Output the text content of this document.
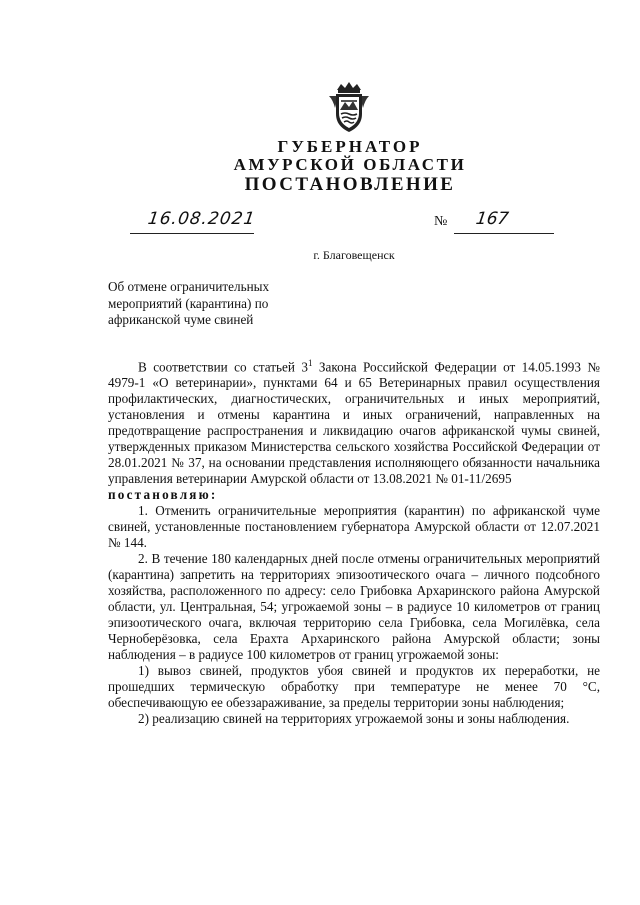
ГУБЕРНАТОР
АМУРСКОЙ ОБЛАСТИ
ПОСТАНОВЛЕНИЕ
16.08.2021	№ 167
г. Благовещенск
Об отмене ограничительных мероприятий (карантина) по африканской чуме свиней

В соответствии со статьей $3^1$ Закона Российской Федерации от 14.05.1993 № 4979-1 «О ветеринарии», пунктами 64 и 65 Ветеринарных правил осуществления профилактических, диагностических, ограничительных и иных мероприятий, установления и отмены карантина и иных ограничений, направленных на предотвращение распространения и ликвидацию очагов африканской чумы свиней, утвержденных приказом Министерства сельского хозяйства Российской Федерации от 28.01.2021 № 37, на основании представления исполняющего обязанности начальника управления ветеринарии Амурской области от 13.08.2021 № 01-11/2695

постановляю:

1. Отменить ограничительные мероприятия (карантин) по африканской чуме свиней, установленные постановлением губернатора Амурской области от 12.07.2021 № 144.

2. В течение 180 календарных дней после отмены ограничительных мероприятий (карантина) запретить на территориях эпизоотического очага – личного подсобного хозяйства, расположенного по адресу: село Грибовка Архаринского района Амурской области, ул. Центральная, 54; угрожаемой зоны – в радиусе 10 километров от границ эпизоотического очага, включая территорию села Грибовка, села Могилёвка, села Черноберёзовка, села Ерахта Архаринского района Амурской области; зоны наблюдения – в радиусе 100 километров от границ угрожаемой зоны:

1) вывоз свиней, продуктов убоя свиней и продуктов их переработки, не прошедших термическую обработку при температуре не менее 70 °С, обеспечивающую ее обеззараживание, за пределы территории зоны наблюдения;

2) реализацию свиней на территориях угрожаемой зоны и зоны наблюдения.
